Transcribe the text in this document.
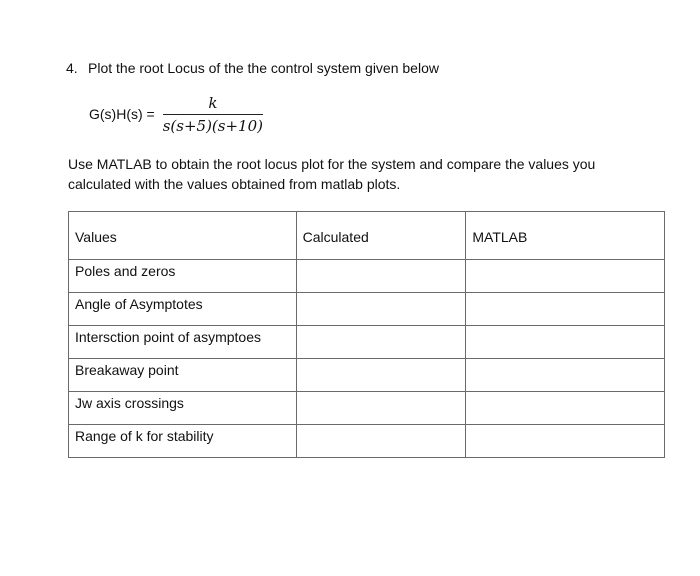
4. Plot the root Locus of the the control system given below
$G(s)H(s) = \frac{k}{s(s+5)(s+10)}$
Use MATLAB to obtain the root locus plot for the system and compare the values you calculated with the values obtained from matlab plots.
Values	Calculated	MATLAB
Poles and zeros		
Angle of Asymptotes		
Intersction point of asymptoes		
Breakaway point		
Jw axis crossings		
Range of k for stability		
